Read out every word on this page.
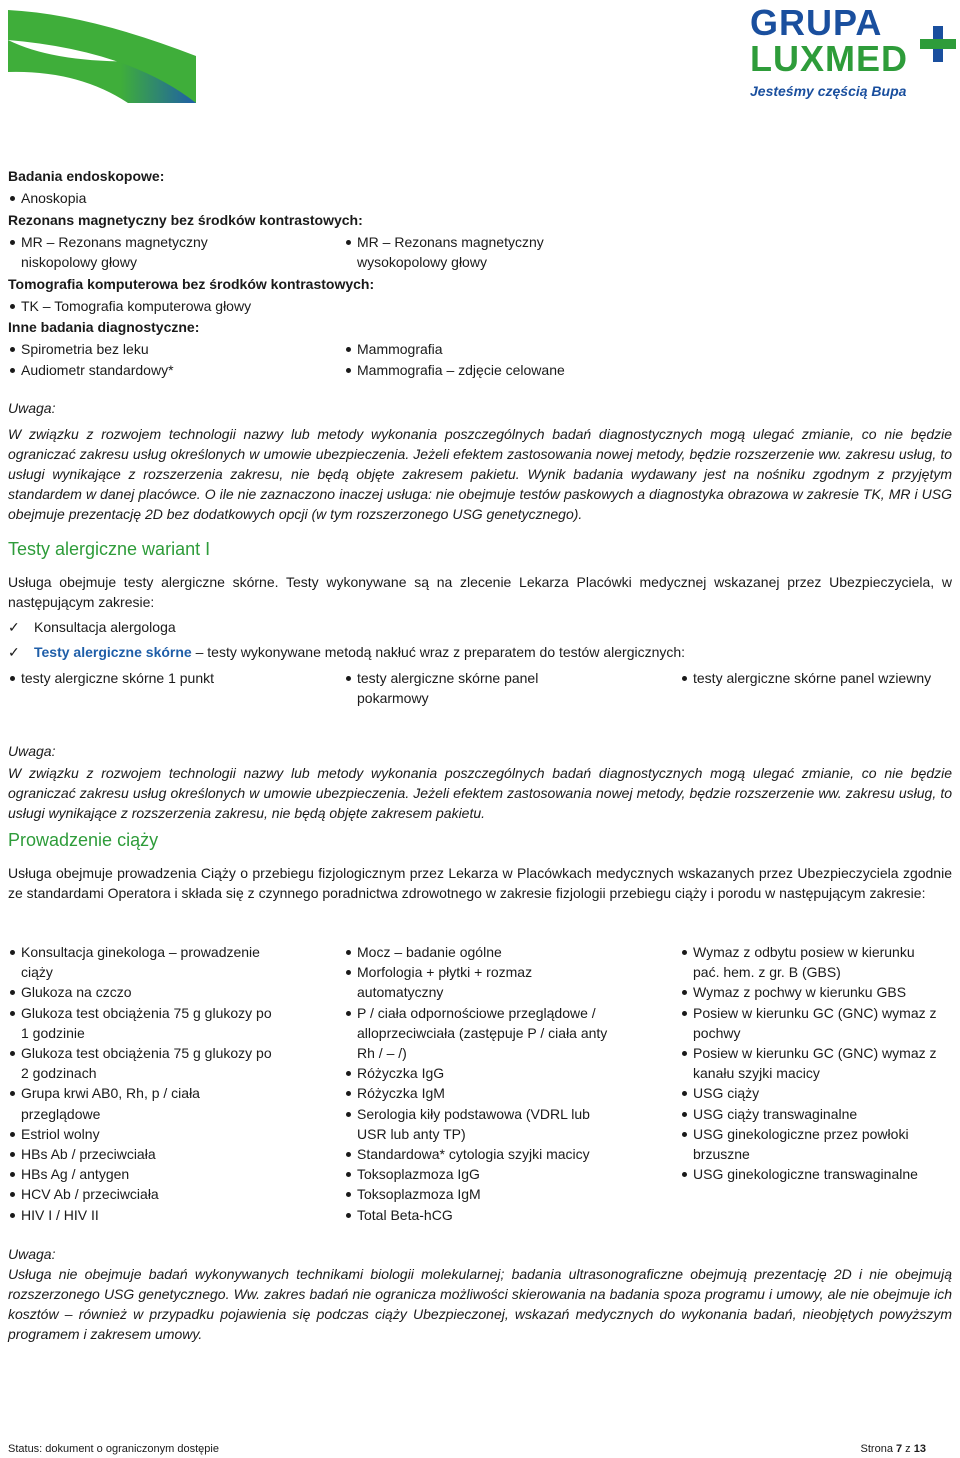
GRUPA
LUXMED
Jesteśmy częścią Bupa
Badania endoskopowe:
Anoskopia
Rezonans magnetyczny bez środków kontrastowych:
MR – Rezonans magnetyczny niskopolowy głowy
MR – Rezonans magnetyczny wysokopolowy głowy
Tomografia komputerowa bez środków kontrastowych:
TK – Tomografia komputerowa głowy
Inne badania diagnostyczne:
Spirometria bez leku
Audiometr standardowy*
Mammografia
Mammografia – zdjęcie celowane
Uwaga:
W związku z rozwojem technologii nazwy lub metody wykonania poszczególnych badań diagnostycznych mogą ulegać zmianie, co nie będzie ograniczać zakresu usług określonych w umowie ubezpieczenia. Jeżeli efektem zastosowania nowej metody, będzie rozszerzenie ww. zakresu usług, to usługi wynikające z rozszerzenia zakresu, nie będą objęte zakresem pakietu. Wynik badania wydawany jest na nośniku zgodnym z przyjętym standardem w danej placówce. O ile nie zaznaczono inaczej usługa: nie obejmuje testów paskowych a diagnostyka obrazowa w zakresie TK, MR i USG obejmuje prezentację 2D bez dodatkowych opcji (w tym rozszerzonego USG genetycznego).
Testy alergiczne wariant I
Usługa obejmuje testy alergiczne skórne. Testy wykonywane są na zlecenie Lekarza Placówki medycznej wskazanej przez Ubezpieczyciela, w następującym zakresie:
✓ Konsultacja alergologa
✓ Testy alergiczne skórne – testy wykonywane metodą nakłuć wraz z preparatem do testów alergicznych:
testy alergiczne skórne 1 punkt	testy alergiczne skórne panel pokarmowy
testy alergiczne skórne panel wziewny
Uwaga:
W związku z rozwojem technologii nazwy lub metody wykonania poszczególnych badań diagnostycznych mogą ulegać zmianie, co nie będzie ograniczać zakresu usług określonych w umowie ubezpieczenia. Jeżeli efektem zastosowania nowej metody, będzie rozszerzenie ww. zakresu usług, to usługi wynikające z rozszerzenia zakresu, nie będą objęte zakresem pakietu.
Prowadzenie ciąży
Usługa obejmuje prowadzenia Ciąży o przebiegu fizjologicznym przez Lekarza w Placówkach medycznych wskazanych przez Ubezpieczyciela zgodnie ze standardami Operatora i składa się z czynnego poradnictwa zdrowotnego w zakresie fizjologii przebiegu ciąży i porodu w następującym zakresie:
Konsultacja ginekologa – prowadzenie ciąży
Glukoza na czczo
Glukoza test obciążenia 75 g glukozy po 1 godzinie
Glukoza test obciążenia 75 g glukozy po 2 godzinach
Grupa krwi AB0, Rh, p / ciała przeglądowe
Estriol wolny
HBs Ab / przeciwciała
HBs Ag / antygen
HCV Ab / przeciwciała
HIV I / HIV II
Mocz – badanie ogólne
Morfologia + płytki + rozmaz automatyczny
P / ciała odpornościowe przeglądowe / alloprzeciwciała (zastępuje P / ciała anty Rh / – /)
Różyczka IgG
Różyczka IgM
Serologia kiły podstawowa (VDRL lub USR lub anty TP)
Standardowa* cytologia szyjki macicy
Toksoplazmoza IgG
Toksoplazmoza IgM
Total Beta-hCG
Wymaz z odbytu posiew w kierunku pać. hem. z gr. B (GBS)
Wymaz z pochwy w kierunku GBS
Posiew w kierunku GC (GNC) wymaz z pochwy
Posiew w kierunku GC (GNC) wymaz z kanału szyjki macicy
USG ciąży
USG ciąży transwaginalne
USG ginekologiczne przez powłoki brzuszne
USG ginekologiczne transwaginalne
Uwaga:
Usługa nie obejmuje badań wykonywanych technikami biologii molekularnej; badania ultrasonograficzne obejmują prezentację 2D i nie obejmują rozszerzonego USG genetycznego. Ww. zakres badań nie ogranicza możliwości skierowania na badania spoza programu i umowy, ale nie obejmuje ich kosztów – również w przypadku pojawienia się podczas ciąży Ubezpieczonej, wskazań medycznych do wykonania badań, nieobjętych powyższym programem i zakresem umowy.
Status: dokument o ograniczonym dostępie	Strona 7 z 13
